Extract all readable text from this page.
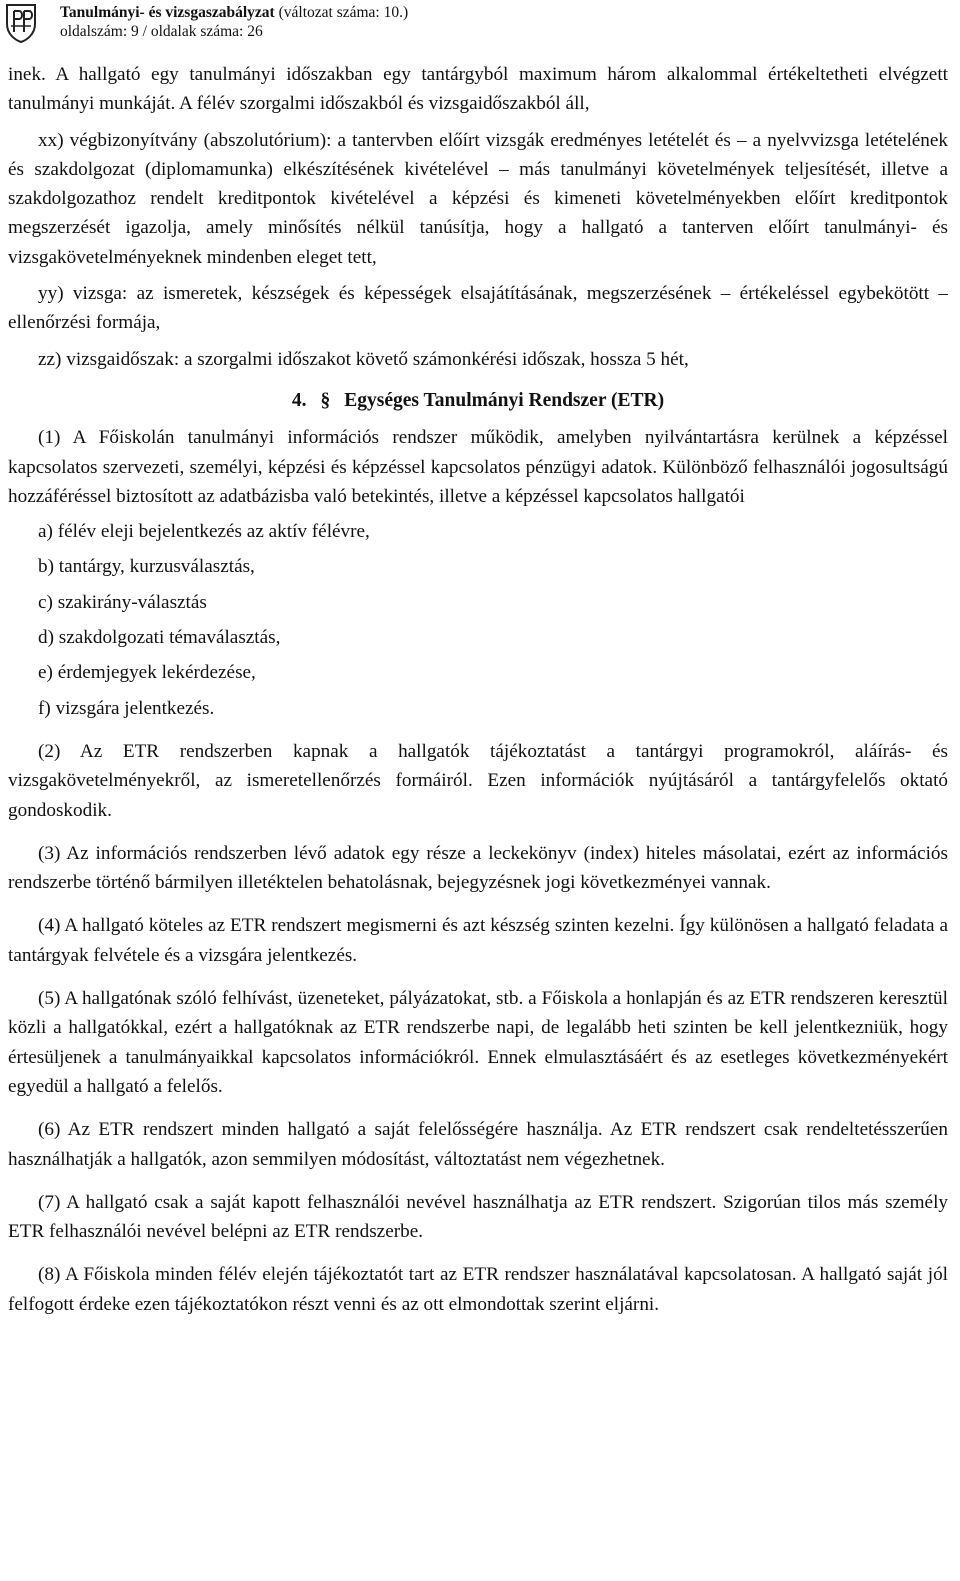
Tanulmányi- és vizsgaszabályzat (változat száma: 10.)
oldalszám: 9 / oldalak száma: 26

inek. A hallgató egy tanulmányi időszakban egy tantárgyból maximum három alkalommal értékeltetheti elvégzett tanulmányi munkáját. A félév szorgalmi időszakból és vizsgaidőszakból áll,

xx) végbizonyítvány (abszolutórium): a tantervben előírt vizsgák eredményes letételét és – a nyelvvizsga letételének és szakdolgozat (diplomamunka) elkészítésének kivételével – más tanulmányi követelmények teljesítését, illetve a szakdolgozathoz rendelt kreditpontok kivételével a képzési és kimeneti követelményekben előírt kreditpontok megszerzését igazolja, amely minősítés nélkül tanúsítja, hogy a hallgató a tanterven előírt tanulmányi- és vizsgakövetelményeknek mindenben eleget tett,

yy) vizsga: az ismeretek, készségek és képességek elsajátításának, megszerzésének – értékeléssel egybekötött – ellenőrzési formája,

zz) vizsgaidőszak: a szorgalmi időszakot követő számonkérési időszak, hossza 5 hét,

4. § Egységes Tanulmányi Rendszer (ETR)

(1) A Főiskolán tanulmányi információs rendszer működik, amelyben nyilvántartásra kerülnek a képzéssel kapcsolatos szervezeti, személyi, képzési és képzéssel kapcsolatos pénzügyi adatok. Különböző felhasználói jogosultságú hozzáféréssel biztosított az adatbázisba való betekintés, illetve a képzéssel kapcsolatos hallgatói

a) félév eleji bejelentkezés az aktív félévre,

b) tantárgy, kurzusválasztás,

c) szakirány-választás

d) szakdolgozati témaválasztás,

e) érdemjegyek lekérdezése,

f) vizsgára jelentkezés.

(2) Az ETR rendszerben kapnak a hallgatók tájékoztatást a tantárgyi programokról, aláírás- és vizsgakövetelményekről, az ismeretellenőrzés formáiról. Ezen információk nyújtásáról a tantárgyfelelős oktató gondoskodik.

(3) Az információs rendszerben lévő adatok egy része a leckekönyv (index) hiteles másolatai, ezért az információs rendszerbe történő bármilyen illetéktelen behatolásnak, bejegyzésnek jogi következményei vannak.

(4) A hallgató köteles az ETR rendszert megismerni és azt készség szinten kezelni. Így különösen a hallgató feladata a tantárgyak felvétele és a vizsgára jelentkezés.

(5) A hallgatónak szóló felhívást, üzeneteket, pályázatokat, stb. a Főiskola a honlapján és az ETR rendszeren keresztül közli a hallgatókkal, ezért a hallgatóknak az ETR rendszerbe napi, de legalább heti szinten be kell jelentkezniük, hogy értesüljenek a tanulmányaikkal kapcsolatos információkról. Ennek elmulasztásáért és az esetleges következményekért egyedül a hallgató a felelős.

(6) Az ETR rendszert minden hallgató a saját felelősségére használja. Az ETR rendszert csak rendeltetésszerűen használhatják a hallgatók, azon semmilyen módosítást, változtatást nem végezhetnek.

(7) A hallgató csak a saját kapott felhasználói nevével használhatja az ETR rendszert. Szigorúan tilos más személy ETR felhasználói nevével belépni az ETR rendszerbe.

(8) A Főiskola minden félév elején tájékoztatót tart az ETR rendszer használatával kapcsolatosan. A hallgató saját jól felfogott érdeke ezen tájékoztatókon részt venni és az ott elmondottak szerint eljárni.
